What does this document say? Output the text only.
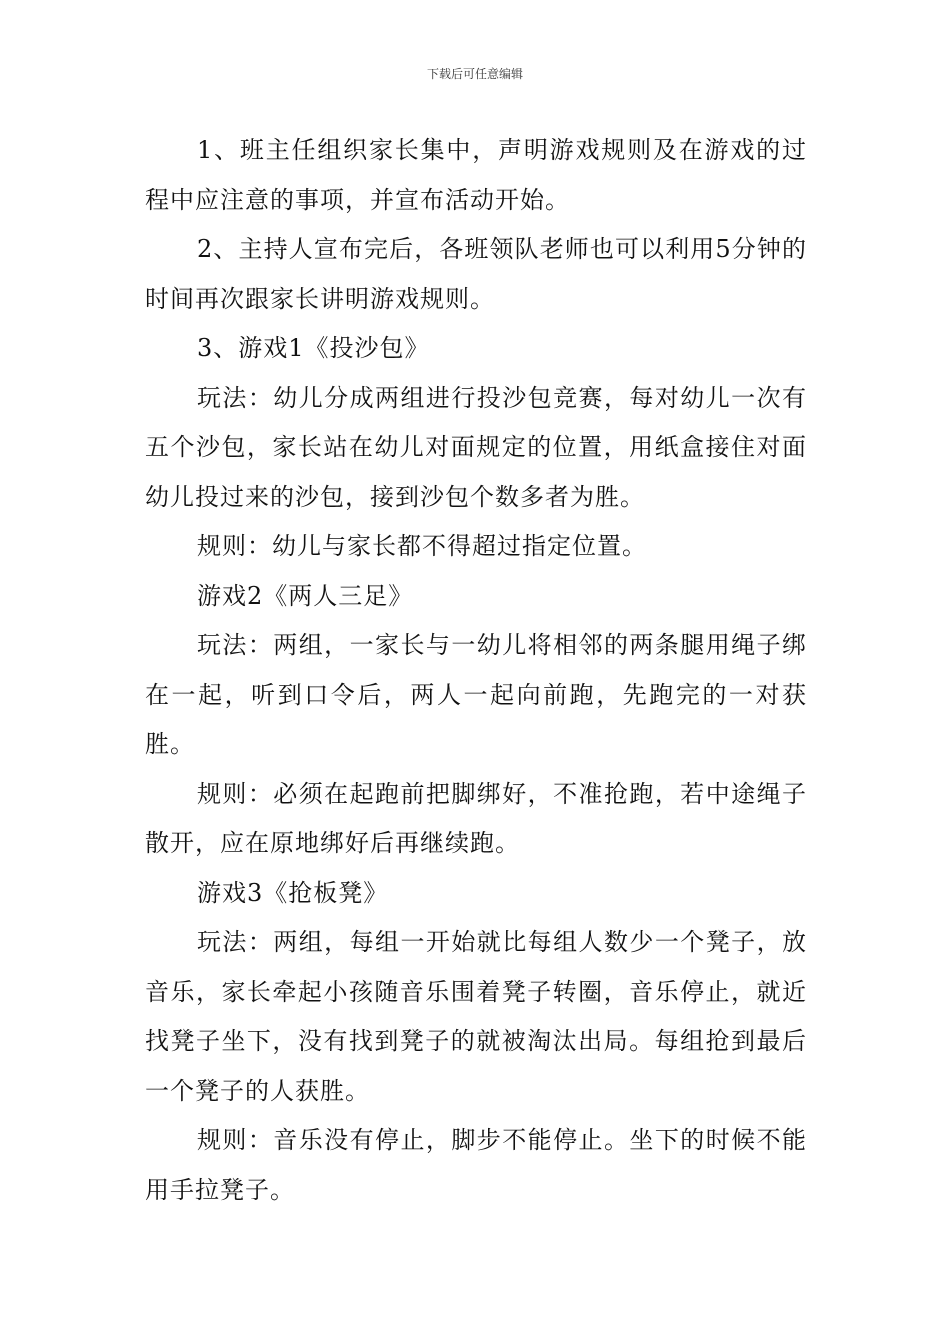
下载后可任意编辑

1、班主任组织家长集中，声明游戏规则及在游戏的过程中应注意的事项，并宣布活动开始。

2、主持人宣布完后，各班领队老师也可以利用5分钟的时间再次跟家长讲明游戏规则。

3、游戏1《投沙包》

玩法：幼儿分成两组进行投沙包竞赛，每对幼儿一次有五个沙包，家长站在幼儿对面规定的位置，用纸盒接住对面幼儿投过来的沙包，接到沙包个数多者为胜。

规则：幼儿与家长都不得超过指定位置。

游戏2《两人三足》

玩法：两组，一家长与一幼儿将相邻的两条腿用绳子绑在一起，听到口令后，两人一起向前跑，先跑完的一对获胜。

规则：必须在起跑前把脚绑好，不准抢跑，若中途绳子散开，应在原地绑好后再继续跑。

游戏3《抢板凳》

玩法：两组，每组一开始就比每组人数少一个凳子，放音乐，家长牵起小孩随音乐围着凳子转圈，音乐停止，就近找凳子坐下，没有找到凳子的就被淘汰出局。每组抢到最后一个凳子的人获胜。

规则：音乐没有停止，脚步不能停止。坐下的时候不能用手拉凳子。
